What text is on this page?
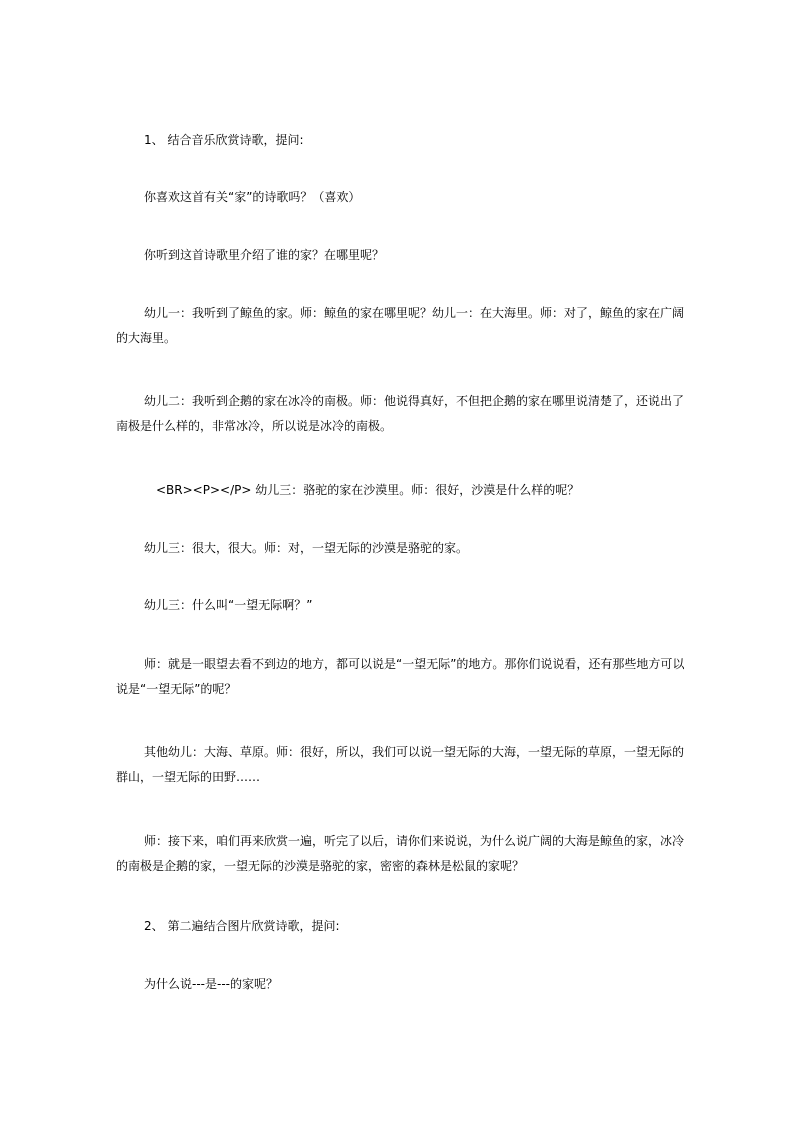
1、 结合音乐欣赏诗歌，提问:
你喜欢这首有关“家”的诗歌吗？（喜欢）
你听到这首诗歌里介绍了谁的家？在哪里呢？
幼儿一：我听到了鲸鱼的家。师：鲸鱼的家在哪里呢？幼儿一：在大海里。师：对了，鲸鱼的家在广阔的大海里。
幼儿二：我听到企鹅的家在冰冷的南极。师：他说得真好，不但把企鹅的家在哪里说清楚了，还说出了南极是什么样的，非常冰冷，所以说是冰冷的南极。
<BR><P></P> 幼儿三：骆驼的家在沙漠里。师：很好，沙漠是什么样的呢？
幼儿三：很大，很大。师：对，一望无际的沙漠是骆驼的家。
幼儿三：什么叫“一望无际啊？”
师：就是一眼望去看不到边的地方，都可以说是“一望无际”的地方。那你们说说看，还有那些地方可以说是“一望无际”的呢？
其他幼儿：大海、草原。师：很好，所以，我们可以说一望无际的大海，一望无际的草原，一望无际的群山，一望无际的田野……
师：接下来，咱们再来欣赏一遍，听完了以后，请你们来说说，为什么说广阔的大海是鲸鱼的家，冰冷的南极是企鹅的家，一望无际的沙漠是骆驼的家，密密的森林是松鼠的家呢？
2、 第二遍结合图片欣赏诗歌，提问:
为什么说---是---的家呢？
